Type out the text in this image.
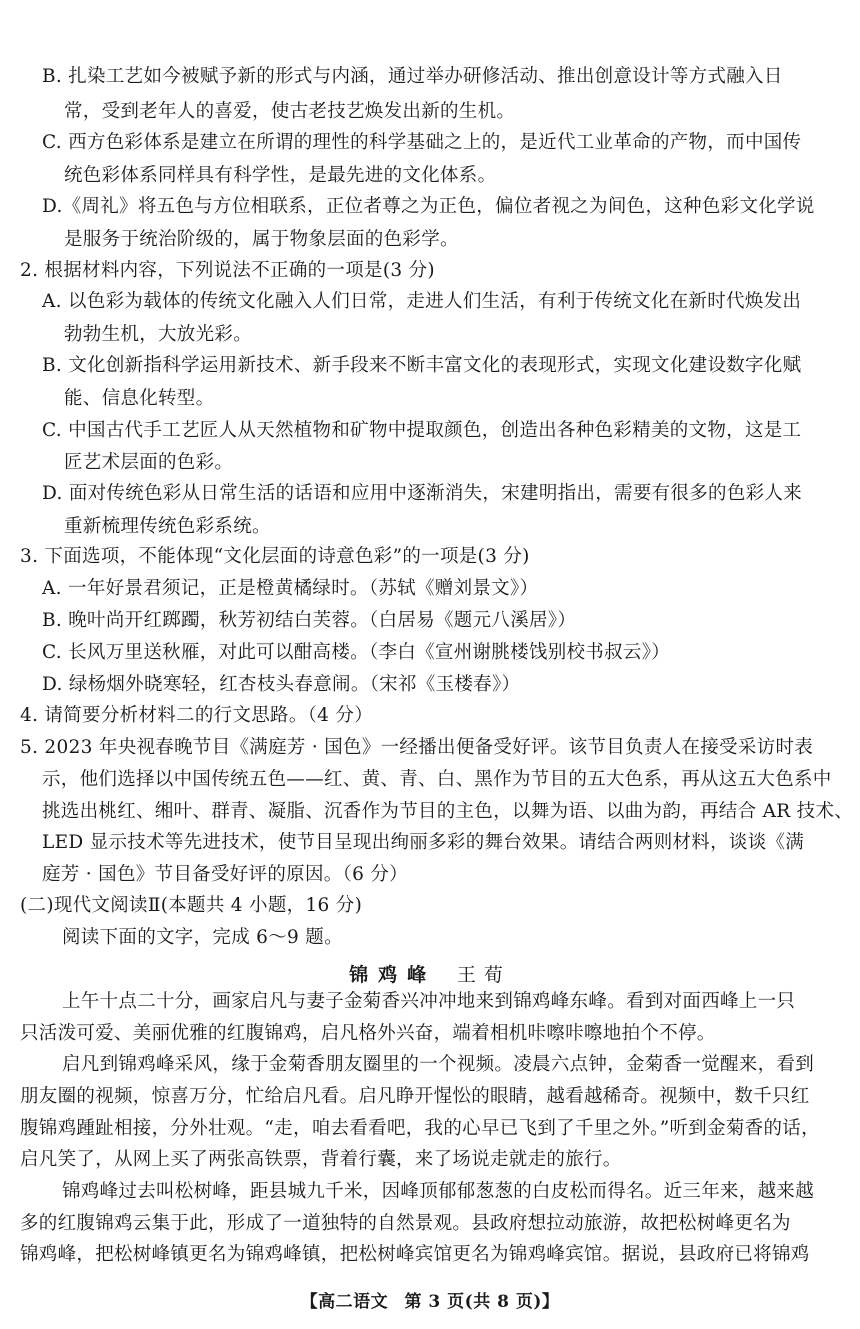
B. 扎染工艺如今被赋予新的形式与内涵，通过举办研修活动、推出创意设计等方式融入日
常，受到老年人的喜爱，使古老技艺焕发出新的生机。
C. 西方色彩体系是建立在所谓的理性的科学基础之上的，是近代工业革命的产物，而中国传
统色彩体系同样具有科学性，是最先进的文化体系。
D.《周礼》将五色与方位相联系，正位者尊之为正色，偏位者视之为间色，这种色彩文化学说
是服务于统治阶级的，属于物象层面的色彩学。
2. 根据材料内容，下列说法不正确的一项是(3 分)
A. 以色彩为载体的传统文化融入人们日常，走进人们生活，有利于传统文化在新时代焕发出
勃勃生机，大放光彩。
B. 文化创新指科学运用新技术、新手段来不断丰富文化的表现形式，实现文化建设数字化赋
能、信息化转型。
C. 中国古代手工艺匠人从天然植物和矿物中提取颜色，创造出各种色彩精美的文物，这是工
匠艺术层面的色彩。
D. 面对传统色彩从日常生活的话语和应用中逐渐消失，宋建明指出，需要有很多的色彩人来
重新梳理传统色彩系统。
3. 下面选项，不能体现“文化层面的诗意色彩”的一项是(3 分)
A. 一年好景君须记，正是橙黄橘绿时。（苏轼《赠刘景文》）
B. 晚叶尚开红踯躅，秋芳初结白芙蓉。（白居易《题元八溪居》）
C. 长风万里送秋雁，对此可以酣高楼。（李白《宣州谢朓楼饯别校书叔云》）
D. 绿杨烟外晓寒轻，红杏枝头春意闹。（宋祁《玉楼春》）
4. 请简要分析材料二的行文思路。（4 分）
5. 2023 年央视春晚节目《满庭芳 · 国色》一经播出便备受好评。该节目负责人在接受采访时表
示，他们选择以中国传统五色——红、黄、青、白、黑作为节目的五大色系，再从这五大色系中
挑选出桃红、缃叶、群青、凝脂、沉香作为节目的主色，以舞为语、以曲为韵，再结合 AR 技术、
LED 显示技术等先进技术，使节目呈现出绚丽多彩的舞台效果。请结合两则材料，谈谈《满
庭芳 · 国色》节目备受好评的原因。（6 分）
(二)现代文阅读Ⅱ(本题共 4 小题，16 分)
阅读下面的文字，完成 6～9 题。
锦鸡峰 王荀
上午十点二十分，画家启凡与妻子金菊香兴冲冲地来到锦鸡峰东峰。看到对面西峰上一只
只活泼可爱、美丽优雅的红腹锦鸡，启凡格外兴奋，端着相机咔嚓咔嚓地拍个不停。
启凡到锦鸡峰采风，缘于金菊香朋友圈里的一个视频。凌晨六点钟，金菊香一觉醒来，看到
朋友圈的视频，惊喜万分，忙给启凡看。启凡睁开惺忪的眼睛，越看越稀奇。视频中，数千只红
腹锦鸡踵趾相接，分外壮观。“走，咱去看看吧，我的心早已飞到了千里之外。”听到金菊香的话，
启凡笑了，从网上买了两张高铁票，背着行囊，来了场说走就走的旅行。
锦鸡峰过去叫松树峰，距县城九千米，因峰顶郁郁葱葱的白皮松而得名。近三年来，越来越
多的红腹锦鸡云集于此，形成了一道独特的自然景观。县政府想拉动旅游，故把松树峰更名为
锦鸡峰，把松树峰镇更名为锦鸡峰镇，把松树峰宾馆更名为锦鸡峰宾馆。据说，县政府已将锦鸡
【高二语文 第 3 页(共 8 页)】
